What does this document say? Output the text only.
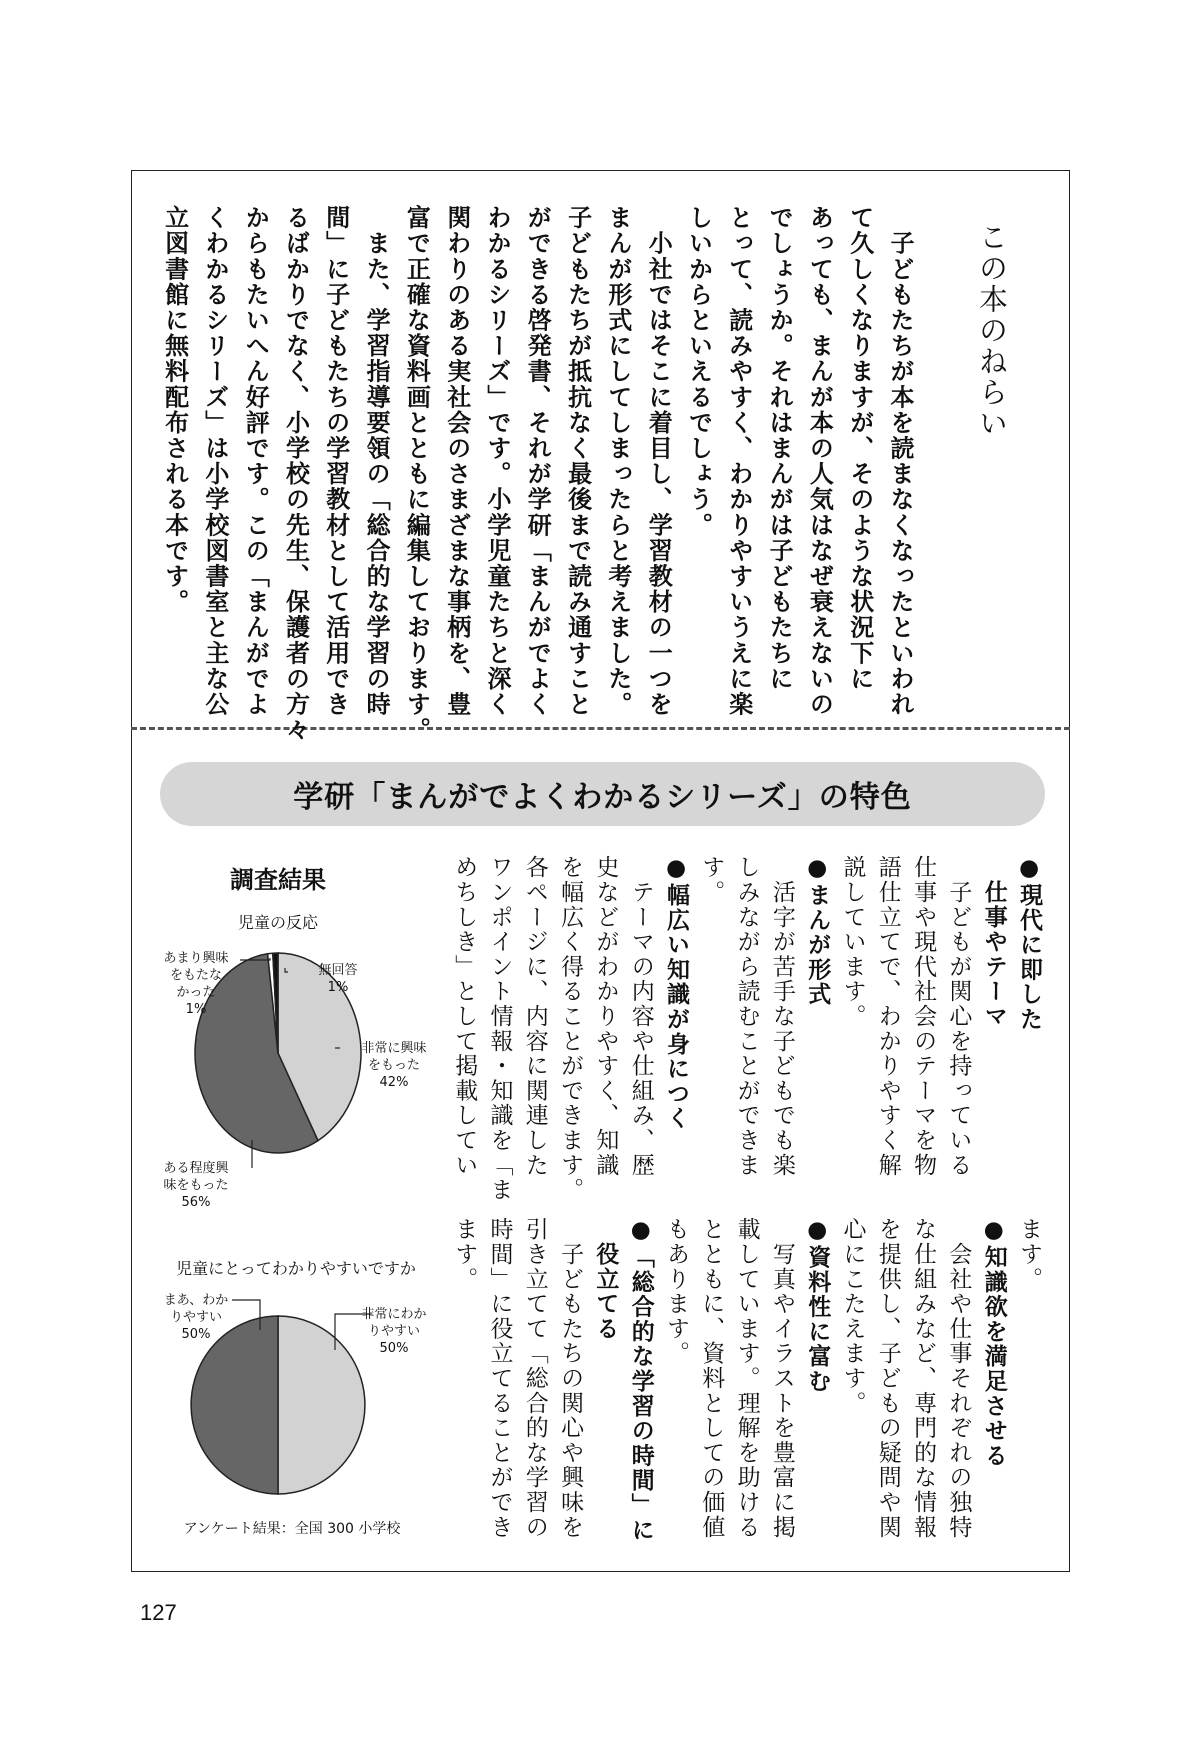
この本のねらい
　子どもたちが本を読まなくなったといわれ
て久しくなりますが、そのような状況下に
あっても、まんが本の人気はなぜ衰えないの
でしょうか。それはまんがは子どもたちに
とって、読みやすく、わかりやすいうえに楽
しいからといえるでしょう。
　小社ではそこに着目し、学習教材の一つを
まんが形式にしてしまったらと考えました。
子どもたちが抵抗なく最後まで読み通すこと
ができる啓発書、それが学研「まんがでよく
わかるシリーズ」です。小学児童たちと深く
関わりのある実社会のさまざまな事柄を、豊
富で正確な資料画とともに編集しております。
　また、学習指導要領の「総合的な学習の時
間」に子どもたちの学習教材として活用でき
るばかりでなく、小学校の先生、保護者の方々
からもたいへん好評です。この「まんがでよ
くわかるシリーズ」は小学校図書室と主な公
立図書館に無料配布される本です。
学研「まんがでよくわかるシリーズ」の特色
●現代に即した
　仕事やテーマ
　子どもが関心を持っている
仕事や現代社会のテーマを物
語仕立てで、わかりやすく解
説しています。
●まんが形式
　活字が苦手な子どもでも楽
しみながら読むことができま
す。
●幅広い知識が身につく
　テーマの内容や仕組み、歴
史などがわかりやすく、知識
を幅広く得ることができます。
各ページに、内容に関連した
ワンポイント情報・知識を「ま
めちしき」として掲載してい
ます。
●知識欲を満足させる
　会社や仕事それぞれの独特
な仕組みなど、専門的な情報
を提供し、子どもの疑問や関
心にこたえます。
●資料性に富む
　写真やイラストを豊富に掲
載しています。理解を助ける
とともに、資料としての価値
もあります。
●「総合的な学習の時間」に
　役立てる
　子どもたちの関心や興味を
引き立てて「総合的な学習の
時間」に役立てることができ
ます。
調査結果
児童の反応
児童にとってわかりやすいですか
アンケート結果：全国 300 小学校
非常に興味
をもった
42%
ある程度興
味をもった
56%
あまり興味
をもたな
かった
1%
無回答
1%
非常にわか
りやすい
50%
まあ、わか
りやすい
50%
127
